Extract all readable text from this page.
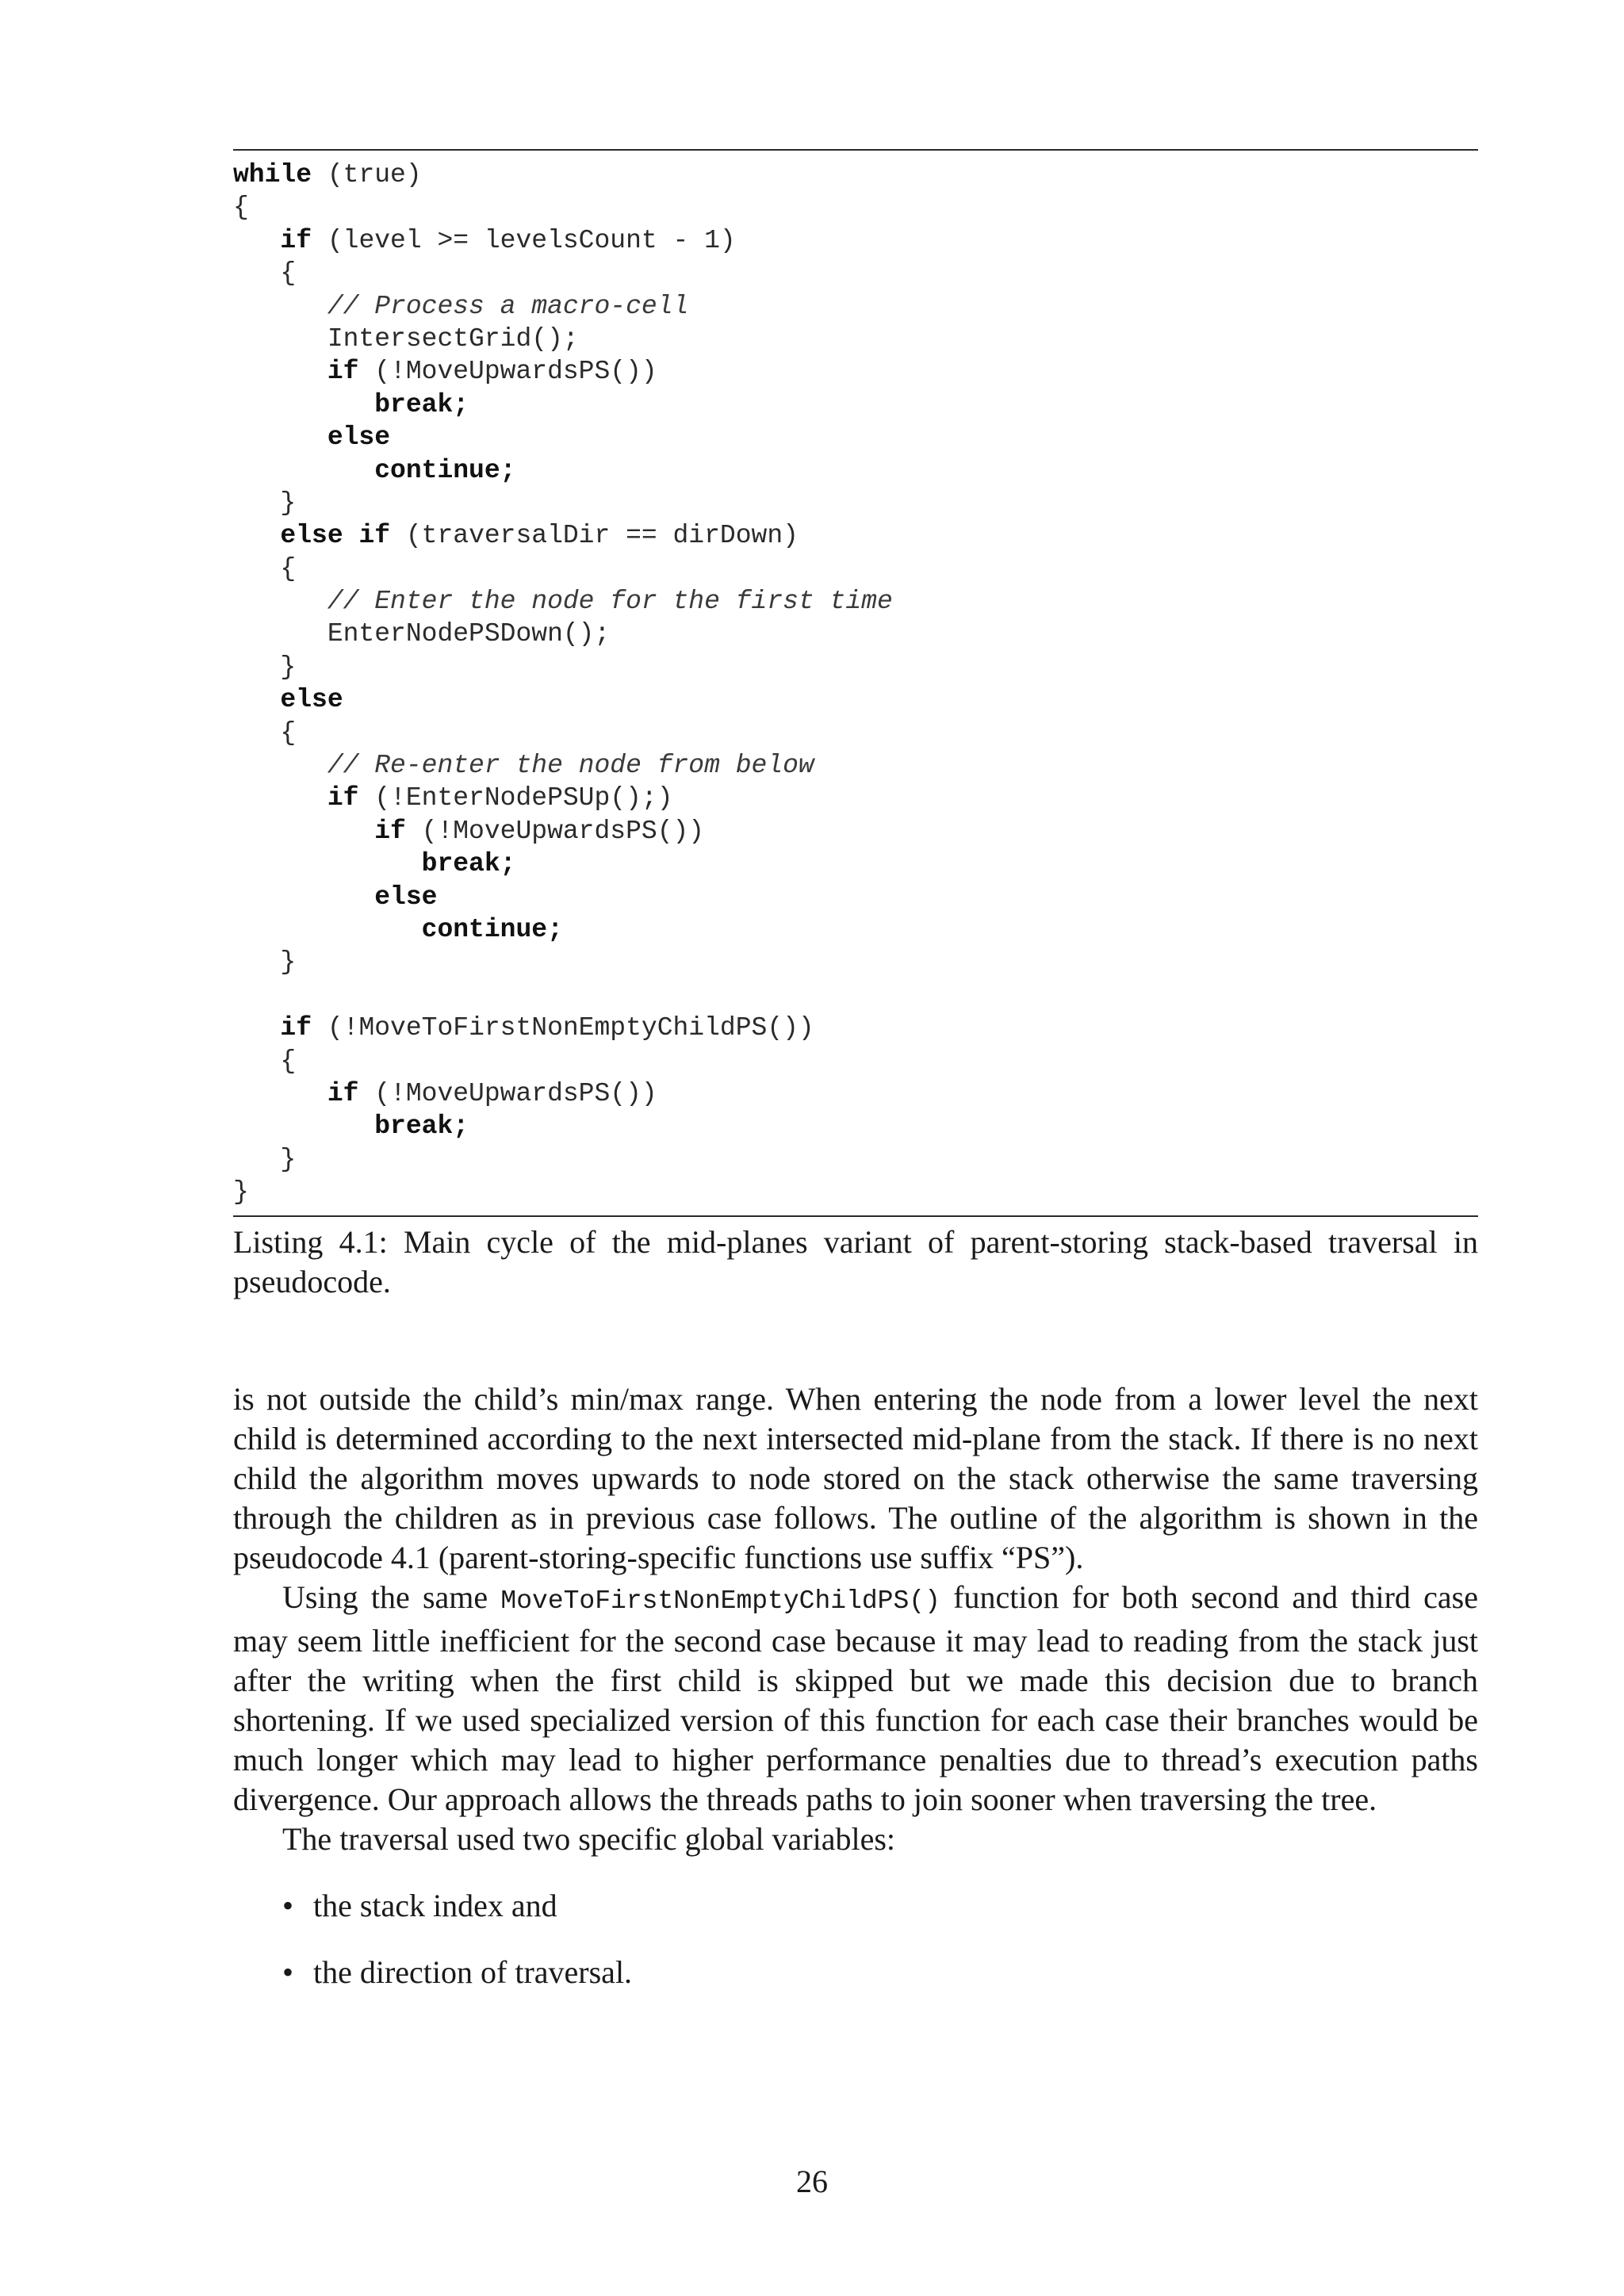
while (true)
{
if (level >= levelsCount - 1)
{
// Process a macro-cell
IntersectGrid();
if (!MoveUpwardsPS())
break;
else
continue;
}
else if (traversalDir == dirDown)
{
// Enter the node for the first time
EnterNodePSDown();
}
else
{
// Re-enter the node from below
if (!EnterNodePSUp();)
if (!MoveUpwardsPS())
break;
else
continue;
}
if (!MoveToFirstNonEmptyChildPS())
{
if (!MoveUpwardsPS())
break;
}
}
Listing 4.1: Main cycle of the mid-planes variant of parent-storing stack-based traversal in pseudocode.

is not outside the child’s min/max range. When entering the node from a lower level the next child is determined according to the next intersected mid-plane from the stack. If there is no next child the algorithm moves upwards to node stored on the stack otherwise the same traversing through the children as in previous case follows. The outline of the algorithm is shown in the pseudocode 4.1 (parent-storing-specific functions use suffix “PS”).

Using the same MoveToFirstNonEmptyChildPS() function for both second and third case may seem little inefficient for the second case because it may lead to reading from the stack just after the writing when the first child is skipped but we made this decision due to branch shortening. If we used specialized version of this function for each case their branches would be much longer which may lead to higher performance penalties due to thread’s execution paths divergence. Our approach allows the threads paths to join sooner when traversing the tree.

The traversal used two specific global variables:

• the stack index and
• the direction of traversal.
26
